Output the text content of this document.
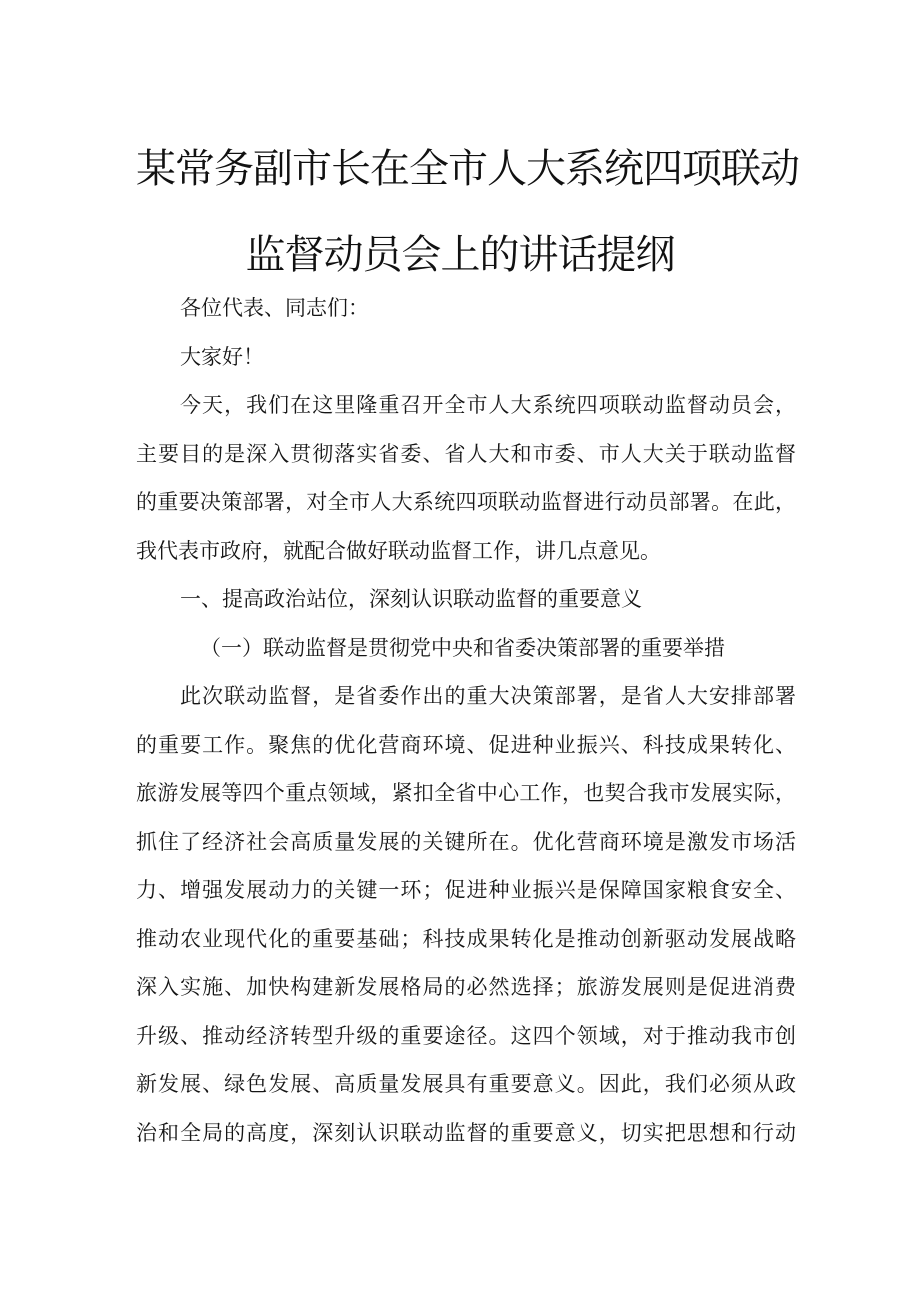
某常务副市长在全市人大系统四项联动
监督动员会上的讲话提纲
各位代表、同志们：
大家好！
今天，我们在这里隆重召开全市人大系统四项联动监督动员会，
主要目的是深入贯彻落实省委、省人大和市委、市人大关于联动监督
的重要决策部署，对全市人大系统四项联动监督进行动员部署。在此，
我代表市政府，就配合做好联动监督工作，讲几点意见。
一、提高政治站位，深刻认识联动监督的重要意义
（一）联动监督是贯彻党中央和省委决策部署的重要举措
此次联动监督，是省委作出的重大决策部署，是省人大安排部署
的重要工作。聚焦的优化营商环境、促进种业振兴、科技成果转化、
旅游发展等四个重点领域，紧扣全省中心工作，也契合我市发展实际，
抓住了经济社会高质量发展的关键所在。优化营商环境是激发市场活
力、增强发展动力的关键一环；促进种业振兴是保障国家粮食安全、
推动农业现代化的重要基础；科技成果转化是推动创新驱动发展战略
深入实施、加快构建新发展格局的必然选择；旅游发展则是促进消费
升级、推动经济转型升级的重要途径。这四个领域，对于推动我市创
新发展、绿色发展、高质量发展具有重要意义。因此，我们必须从政
治和全局的高度，深刻认识联动监督的重要意义，切实把思想和行动
